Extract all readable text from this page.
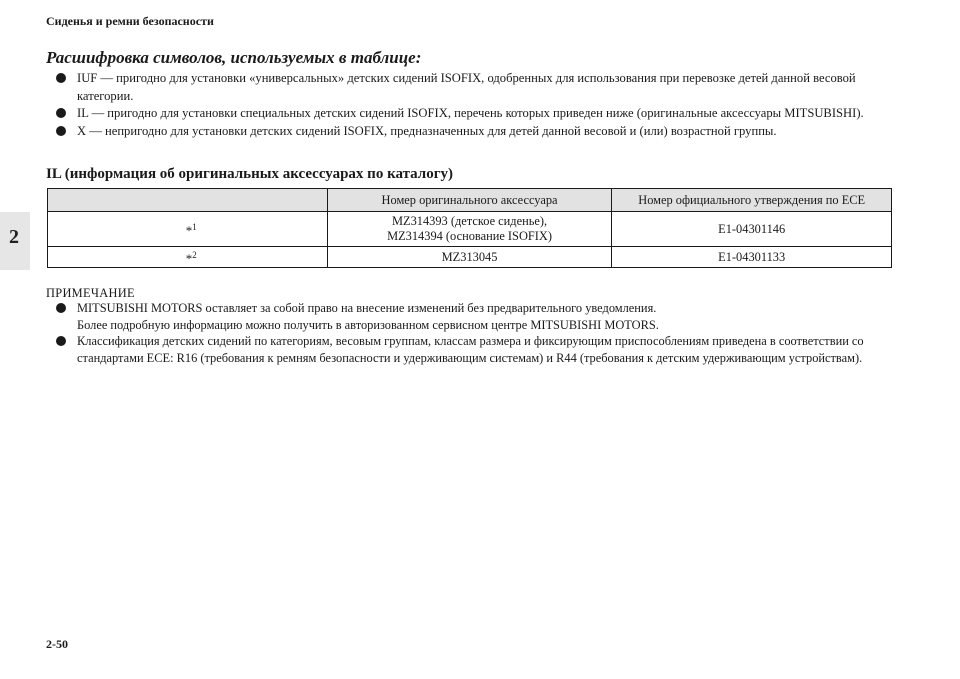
Сиденья и ремни безопасности
2
Расшифровка символов, используемых в таблице:
IUF — пригодно для установки «универсальных» детских сидений ISOFIX, одобренных для использования при перевозке детей данной весовой категории.
IL — пригодно для установки специальных детских сидений ISOFIX, перечень которых приведен ниже (оригинальные аксессуары MITSUBISHI).
X — непригодно для установки детских сидений ISOFIX, предназначенных для детей данной весовой и (или) возрастной группы.
IL (информация об оригинальных аксессуарах по каталогу)
	Номер оригинального аксессуара	Номер официального утверждения по ECE
*$^1$	MZ314393 (детское сиденье),
MZ314394 (основание ISOFIX)	E1-04301146
*$^2$	MZ313045	E1-04301133
ПРИМЕЧАНИЕ
MITSUBISHI MOTORS оставляет за собой право на внесение изменений без предварительного уведомления.
Более подробную информацию можно получить в авторизованном сервисном центре MITSUBISHI MOTORS.
Классификация детских сидений по категориям, весовым группам, классам размера и фиксирующим приспособлениям приведена в соответствии со стандартами ECE: R16 (требования к ремням безопасности и удерживающим системам) и R44 (требования к детским удерживающим устройствам).
2-50
